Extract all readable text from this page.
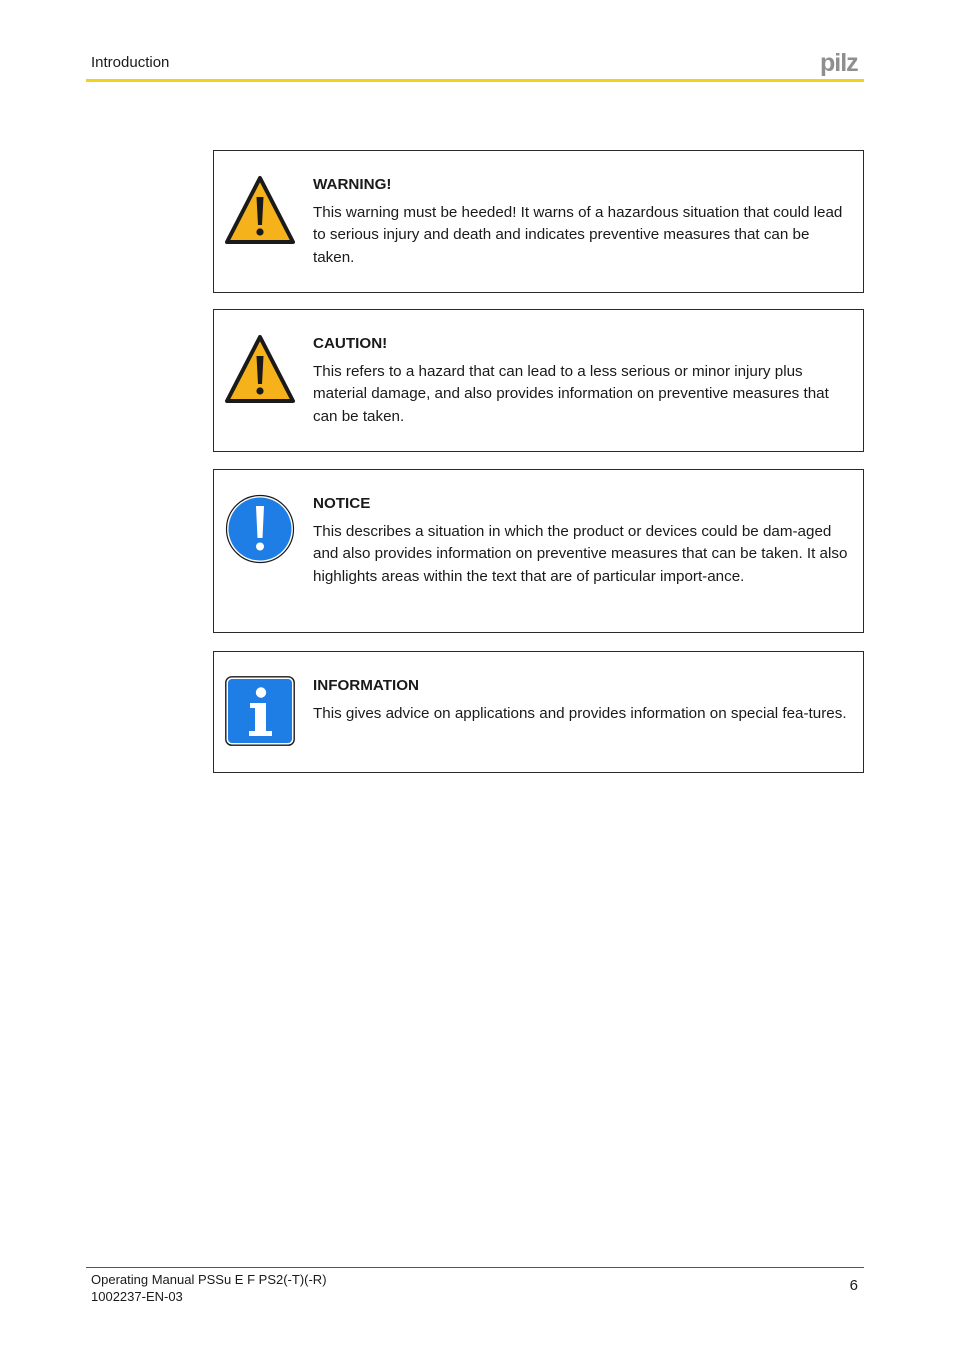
Introduction	pilz
WARNING!
This warning must be heeded! It warns of a hazardous situation that could lead to serious injury and death and indicates preventive measures that can be taken.
CAUTION!
This refers to a hazard that can lead to a less serious or minor injury plus material damage, and also provides information on preventive measures that can be taken.
NOTICE
This describes a situation in which the product or devices could be dam-aged and also provides information on preventive measures that can be taken. It also highlights areas within the text that are of particular import-ance.
INFORMATION
This gives advice on applications and provides information on special fea-tures.
Operating Manual PSSu E F PS2(-T)(-R)
1002237-EN-03
6
